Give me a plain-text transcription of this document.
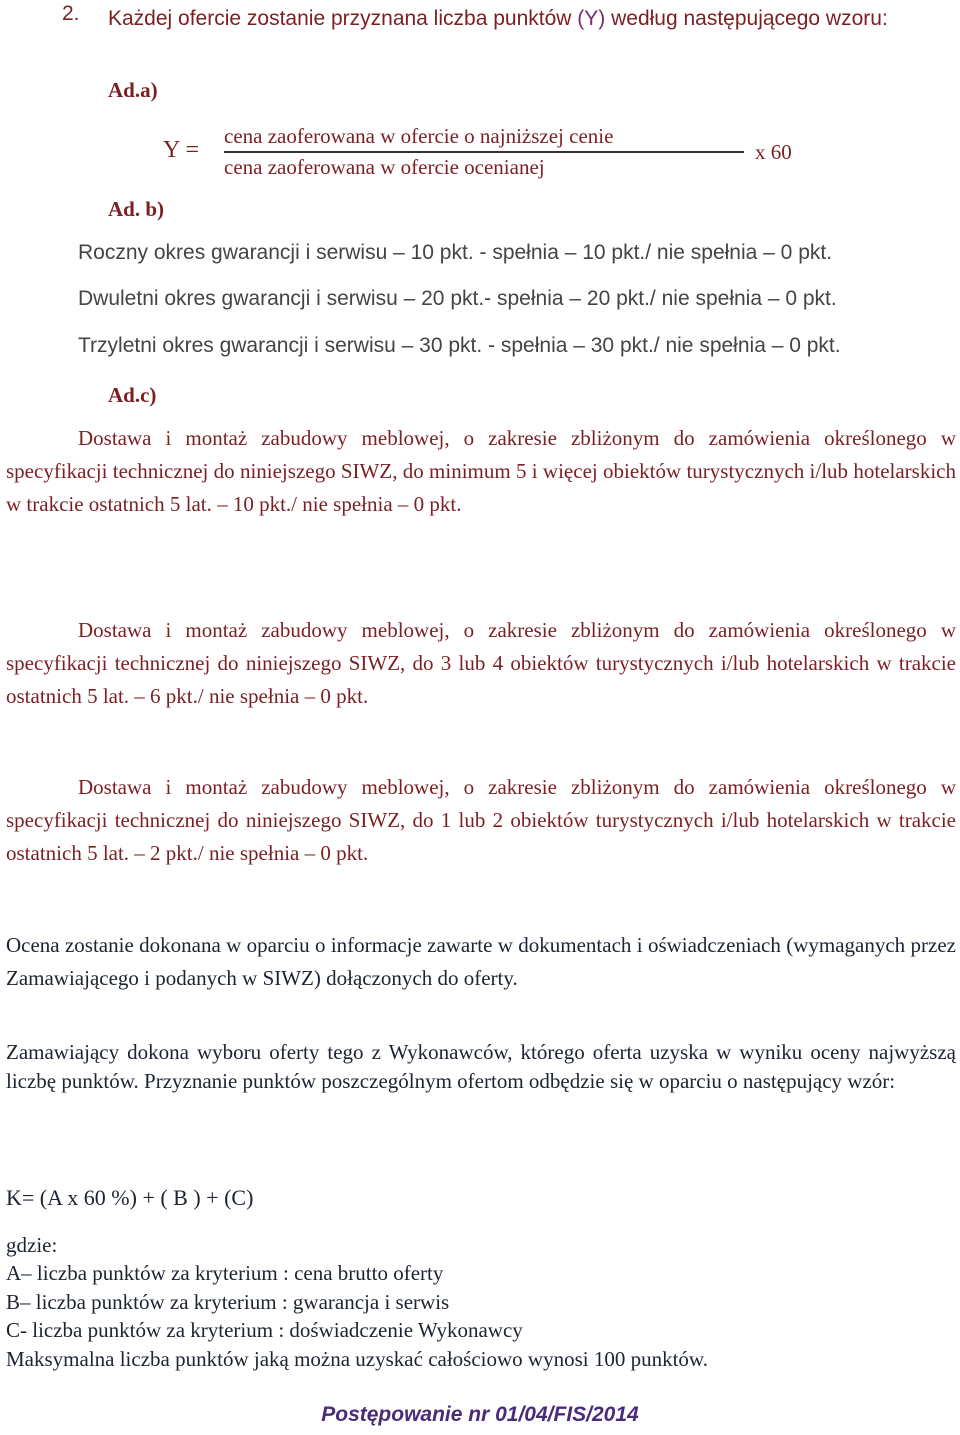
2. Każdej ofercie zostanie przyznana liczba punktów (Y) według następującego wzoru:
Ad.a)
Y =
cena zaoferowana w ofercie o najniższej cenie
cena zaoferowana w ofercie ocenianej
x 60
Ad. b)
Roczny okres gwarancji i serwisu – 10 pkt. - spełnia – 10 pkt./ nie spełnia – 0 pkt.
Dwuletni okres gwarancji i serwisu – 20 pkt.- spełnia – 20 pkt./ nie spełnia – 0 pkt.
Trzyletni okres gwarancji i serwisu – 30 pkt. - spełnia – 30 pkt./ nie spełnia – 0 pkt.
Ad.c)

Dostawa i montaż zabudowy meblowej, o zakresie zbliżonym do zamówienia określonego w specyfikacji technicznej do niniejszego SIWZ, do minimum 5 i więcej obiektów turystycznych i/lub hotelarskich w trakcie ostatnich 5 lat. – 10 pkt./ nie spełnia – 0 pkt.

Dostawa i montaż zabudowy meblowej, o zakresie zbliżonym do zamówienia określonego w specyfikacji technicznej do niniejszego SIWZ, do 3 lub 4 obiektów turystycznych i/lub hotelarskich w trakcie ostatnich 5 lat. – 6 pkt./ nie spełnia – 0 pkt.

Dostawa i montaż zabudowy meblowej, o zakresie zbliżonym do zamówienia określonego w specyfikacji technicznej do niniejszego SIWZ, do 1 lub 2 obiektów turystycznych i/lub hotelarskich w trakcie ostatnich 5 lat. – 2 pkt./ nie spełnia – 0 pkt.

Ocena zostanie dokonana w oparciu o informacje zawarte w dokumentach i oświadczeniach (wymaganych przez Zamawiającego i podanych w SIWZ) dołączonych do oferty.

Zamawiający dokona wyboru oferty tego z Wykonawców, którego oferta uzyska w wyniku oceny najwyższą liczbę punktów. Przyznanie punktów poszczególnym ofertom odbędzie się w oparciu o następujący wzór:

K= (A x 60 %) + ( B ) + (C)
gdzie:
A– liczba punktów za kryterium : cena brutto oferty
B– liczba punktów za kryterium : gwarancja i serwis
C- liczba punktów za kryterium : doświadczenie Wykonawcy
Maksymalna liczba punktów jaką można uzyskać całościowo wynosi 100 punktów.
Postępowanie nr 01/04/FIS/2014
